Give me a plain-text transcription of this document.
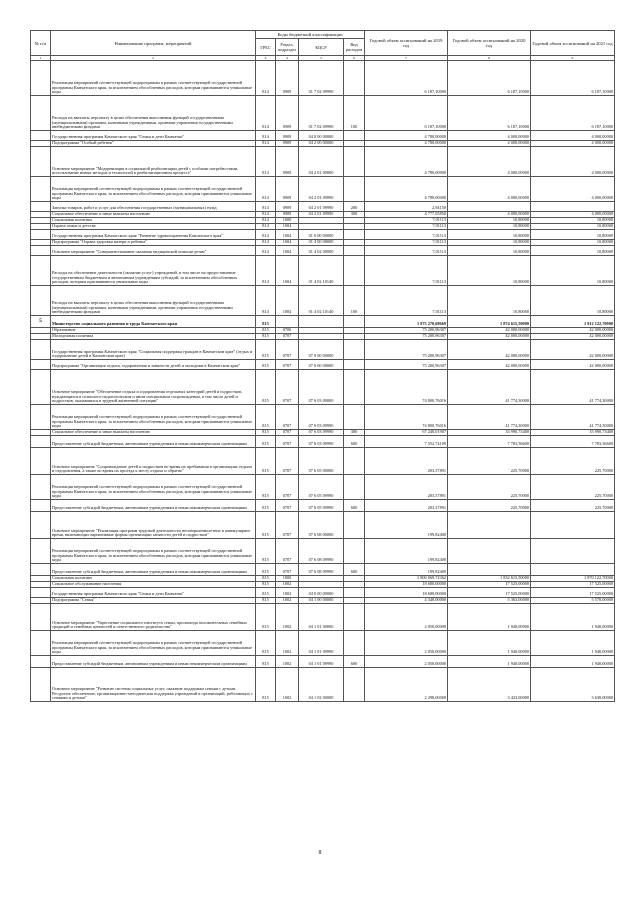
№ п/п	Наименование программ, мероприятий	Коды бюджетной классификации				Годовой объем ассигнований на 2019 год	Годовой объем ассигнований на 2020 год	Годовой объем ассигнований на 2021 год
		ГРБС	Раздел, подраздел	КЦСР	Вид расходов			
1	2	3	4	5	6	7	8	9
	Реализация мероприятий соответствующей подпрограммы в рамках соответствующей государственной программы Камчатского края, за исключением обособленных расходов, которым присваиваются уникальные коды	814	0909	01 7 02 09990		6 187,10000	6 187,10000	6 187,10000
	Расходы на выплаты персоналу в целях обеспечения выполнения функций государственными (муниципальными) органами, казенными учреждениями, органами управления государственными внебюджетными фондами	814	0909	01 7 02 09990	100	6 187,10000	6 187,10000	6 187,10000
	Государственная программа Камчатского края "Семья и дети Камчатки"	814	0909	04 0 00 00000		4 780,00000	4 000,00000	4 000,00000
	Подпрограмма "Особый ребенок"	814	0909	04 2 00 00000		4 780,00000	4 000,00000	4 000,00000
	Основное мероприятие "Модернизация в социальной реабилитации детей с особыми потребностями, использование новых методов и технологий в реабилитационном процессе"	814	0909	04 2 01 00000		4 780,00000	4 000,00000	4 000,00000
	Реализация мероприятий соответствующей подпрограммы в рамках соответствующей государственной программы Камчатского края, за исключением обособленных расходов, которым присваиваются уникальные коды	814	0909	04 2 01 09990		4 780,00000	4 000,00000	4 000,00000
	Закупка товаров, работ и услуг для обеспечения государственных (муниципальных) нужд	814	0909	04 2 01 09990	200	2,94150		
	Социальное обеспечение и иные выплаты населению	814	0909	04 2 01 09990	300	4 777,05850	4 000,00000	4 000,00000
	Социальная политика	814	1000			7,01113	10,80000	10,80000
	Охрана семьи и детства	814	1004			7,01113	10,80000	10,80000
	Государственная программа Камчатского края "Развитие здравоохранения Камчатского края"	814	1004	01 0 00 00000		7,01113	10,80000	10,80000
	Подпрограмма "Охрана здоровья матери и ребенка"	814	1004	01 4 00 00000		7,01113	10,80000	10,80000
	Основное мероприятие "Совершенствование оказания медицинской помощи детям"	814	1004	01 4 02 00000		7,01113	10,80000	10,80000
	Расходы на обеспечение деятельности (оказание услуг) учреждений, в том числе на предоставление государственным бюджетным и автономным учреждениям субсидий, за исключением обособленных расходов, которым присваиваются уникальные коды	814	1004	01 4 02 10140		7,01113	10,80000	10,80000
	Расходы на выплаты персоналу в целях обеспечения выполнения функций государственными (муниципальными) органами, казенными учреждениями, органами управления государственными внебюджетными фондами	814	1004	01 4 02 10140	100	7,01113	10,80000	10,80000
5	Министерство социального развития и труда Камчатского края	815				1 875 270,68669	1 874 615,50000	1 912 122,70000
	Образование	815	0700			75 200,96307	42 000,00000	42 000,00000
	Молодежная политика	815	0707			75 200,96307	42 000,00000	42 000,00000
	Государственная программа Камчатского края "Социальная поддержка граждан в Камчатском крае" (отдых и оздоровление детей в Камчатском крае)	815	0707	07 0 00 00000		75 200,96307	42 000,00000	42 000,00000
	Подпрограмма "Организация отдыха, оздоровления и занятости детей и молодежи в Камчатском крае"	815	0707	07 6 00 00000		75 200,96307	42 000,00000	42 000,00000
	Основное мероприятие "Обеспечение отдыха и оздоровления отдельных категорий детей и подростков, нуждающихся в психолого-педагогическом и ином специальном сопровождении, в том числе детей и подростков, оказавшихся в трудной жизненной ситуации"	815	0707	07 6 03 00000		74 800,76016	41 774,30000	41 774,30000
	Реализация мероприятий соответствующей подпрограммы в рамках соответствующей государственной программы Камчатского края, за исключением обособленных расходов, которым присваиваются уникальные коды	815	0707	07 6 03 09990		74 800,76016	41 774,30000	41 774,30000
	Социальное обеспечение и иные выплаты населению	815	0707	07 6 03 09990	300	67 248,01907	33 990,73400	33 990,73400
	Предоставление субсидий бюджетным, автономным учреждениям и иным некоммерческим организациям	815	0707	07 6 03 09990	600	7 552,74109	7 783,56600	7 783,56600
	Основное мероприятие "Сопровождение детей и подростков во время их пребывания в организациях отдыха и оздоровления, а также во время их проезда к месту отдыха и обратно"	815	0707	07 6 05 00000		203,37891	225,70000	225,70000
	Реализация мероприятий соответствующей подпрограммы в рамках соответствующей государственной программы Камчатского края, за исключением обособленных расходов, которым присваиваются уникальные коды	815	0707	07 6 05 09990		203,37891	225,70000	225,70000
	Предоставление субсидий бюджетным, автономным учреждениям и иным некоммерческим организациям	815	0707	07 6 05 09990	600	203,37891	225,70000	225,70000
	Основное мероприятие "Реализация программ трудовой деятельности несовершеннолетних в каникулярное время, включающих вариативные формы организации занятости детей и подростков"	815	0707	07 6 08 00000		199,82400		
	Реализация мероприятий соответствующей подпрограммы в рамках соответствующей государственной программы Камчатского края, за исключением обособленных расходов, которым присваиваются уникальные коды	815	0707	07 6 08 09990		199,82400		
	Предоставление субсидий бюджетным, автономным учреждениям и иным некоммерческим организациям	815	0707	07 6 08 09990	600	199,82400		
	Социальная политика	815	1000			1 800 069,72362	1 832 615,50000	1 870 122,70000
	Социальное обслуживание населения	815	1002			18 680,00000	17 525,00000	17 525,00000
	Государственная программа Камчатского края "Семья и дети Камчатки"	815	1002	04 0 00 00000		18 680,00000	17 525,00000	17 525,00000
	Подпрограмма "Семья"	815	1002	04 1 00 00000		4 348,00000	5 363,00000	5 578,00000
	Основное мероприятие "Укрепление социального института семьи, пропаганда положительных семейных традиций и семейных ценностей и ответственного родительства"	815	1002	04 1 01 00000		2 050,00000	1 940,00000	1 940,00000
	Реализация мероприятий соответствующей подпрограммы в рамках соответствующей государственной программы Камчатского края, за исключением обособленных расходов, которым присваиваются уникальные коды	815	1002	04 1 01 09990		2 050,00000	1 940,00000	1 940,00000
	Предоставление субсидий бюджетным, автономным учреждениям и иным некоммерческим организациям	815	1002	04 1 01 09990	600	2 050,00000	1 940,00000	1 940,00000
	Основное мероприятие "Развитие системы социальных услуг, оказание поддержки семьям с детьми. Ресурсное обеспечение, организационно-методическая поддержка учреждений и организаций, работающих с семьями и детьми"	815	1002	04 1 02 00000		2 298,00000	3 423,00000	3 638,00000
8
